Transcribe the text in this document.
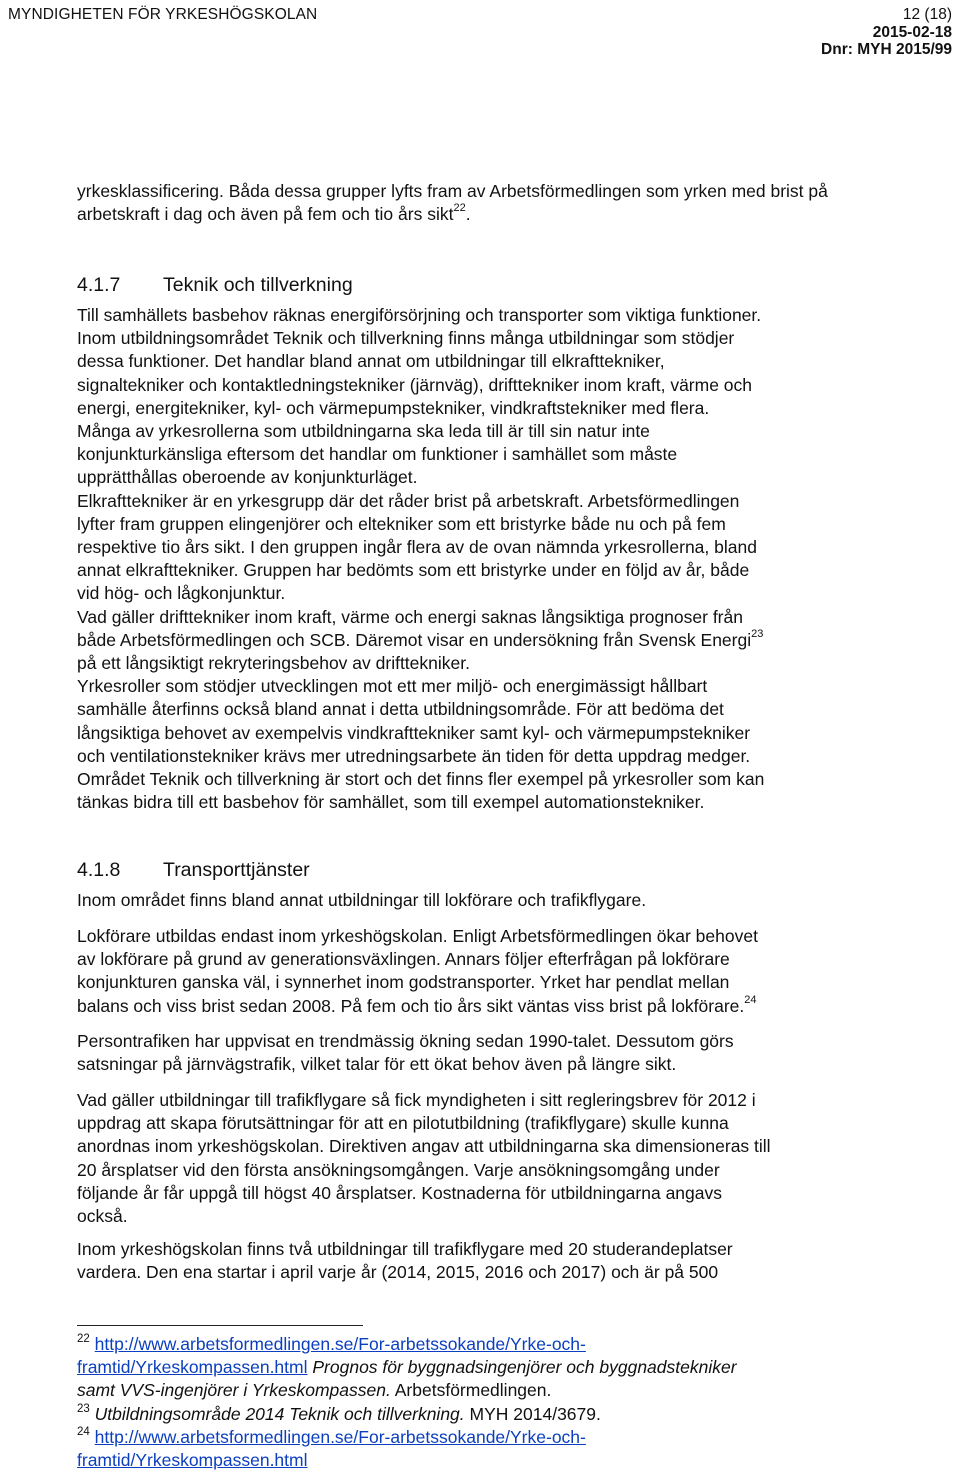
MYNDIGHETEN FÖR YRKESHÖGSKOLAN	12 (18)
2015-02-18
Dnr: MYH 2015/99
yrkesklassificering. Båda dessa grupper lyfts fram av Arbetsförmedlingen som yrken med brist på arbetskraft i dag och även på fem och tio års sikt$^{22}$.
4.1.7 Teknik och tillverkning
Till samhällets basbehov räknas energiförsörjning och transporter som viktiga funktioner.
Inom utbildningsområdet Teknik och tillverkning finns många utbildningar som stödjer
dessa funktioner. Det handlar bland annat om utbildningar till elkrafttekniker,
signaltekniker och kontaktledningstekniker (järnväg), drifttekniker inom kraft, värme och
energi, energitekniker, kyl- och värmepumpstekniker, vindkraftstekniker med flera.
Många av yrkesrollerna som utbildningarna ska leda till är till sin natur inte
konjunkturkänsliga eftersom det handlar om funktioner i samhället som måste
upprätthållas oberoende av konjunkturläget.
Elkrafttekniker är en yrkesgrupp där det råder brist på arbetskraft. Arbetsförmedlingen
lyfter fram gruppen elingenjörer och eltekniker som ett bristyrke både nu och på fem
respektive tio års sikt. I den gruppen ingår flera av de ovan nämnda yrkesrollerna, bland
annat elkrafttekniker. Gruppen har bedömts som ett bristyrke under en följd av år, både
vid hög- och lågkonjunktur.
Vad gäller drifttekniker inom kraft, värme och energi saknas långsiktiga prognoser från
både Arbetsförmedlingen och SCB. Däremot visar en undersökning från Svensk Energi$^{23}$
på ett långsiktigt rekryteringsbehov av drifttekniker.
Yrkesroller som stödjer utvecklingen mot ett mer miljö- och energimässigt hållbart
samhälle återfinns också bland annat i detta utbildningsområde. För att bedöma det
långsiktiga behovet av exempelvis vindkrafttekniker samt kyl- och värmepumpstekniker
och ventilationstekniker krävs mer utredningsarbete än tiden för detta uppdrag medger.
Området Teknik och tillverkning är stort och det finns fler exempel på yrkesroller som kan
tänkas bidra till ett basbehov för samhället, som till exempel automationstekniker.
4.1.8 Transporttjänster
Inom området finns bland annat utbildningar till lokförare och trafikflygare.
Lokförare utbildas endast inom yrkeshögskolan. Enligt Arbetsförmedlingen ökar behovet
av lokförare på grund av generationsväxlingen. Annars följer efterfrågan på lokförare
konjunkturen ganska väl, i synnerhet inom godstransporter. Yrket har pendlat mellan
balans och viss brist sedan 2008. På fem och tio års sikt väntas viss brist på lokförare.$^{24}$
Persontrafiken har uppvisat en trendmässig ökning sedan 1990-talet. Dessutom görs
satsningar på järnvägstrafik, vilket talar för ett ökat behov även på längre sikt.
Vad gäller utbildningar till trafikflygare så fick myndigheten i sitt regleringsbrev för 2012 i
uppdrag att skapa förutsättningar för att en pilotutbildning (trafikflygare) skulle kunna
anordnas inom yrkeshögskolan. Direktiven angav att utbildningarna ska dimensioneras till
20 årsplatser vid den första ansökningsomgången. Varje ansökningsomgång under
följande år får uppgå till högst 40 årsplatser. Kostnaderna för utbildningarna angavs
också.
Inom yrkeshögskolan finns två utbildningar till trafikflygare med 20 studerandeplatser
vardera. Den ena startar i april varje år (2014, 2015, 2016 och 2017) och är på 500
$^{22}$ http://www.arbetsformedlingen.se/For-arbetssokande/Yrke-och-
framtid/Yrkeskompassen.html Prognos för byggnadsingenjörer och byggnadstekniker
samt VVS-ingenjörer i Yrkeskompassen. Arbetsförmedlingen.
$^{23}$ Utbildningsområde 2014 Teknik och tillverkning. MYH 2014/3679.
$^{24}$ http://www.arbetsformedlingen.se/For-arbetssokande/Yrke-och-
framtid/Yrkeskompassen.html
